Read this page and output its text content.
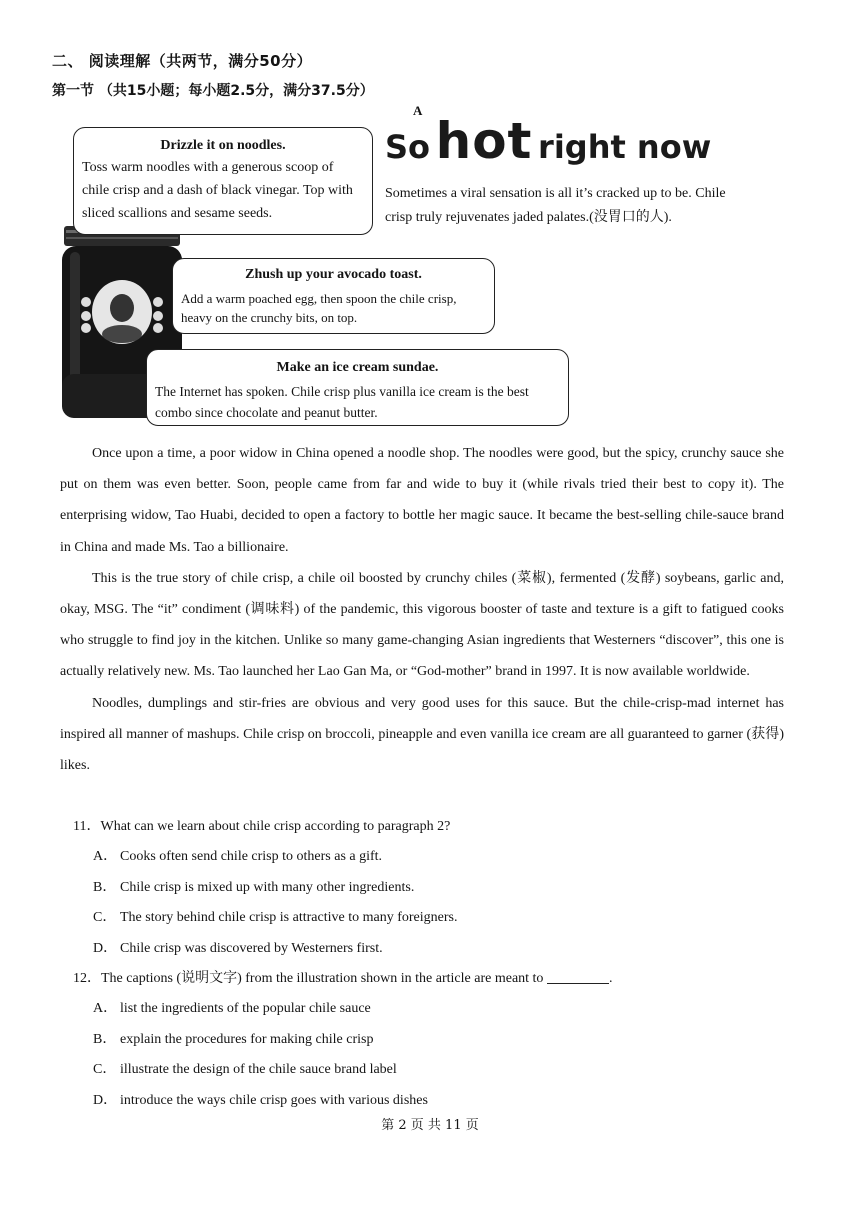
二、 阅读理解（共两节，满分50分）
第一节 （共15小题；每小题2.5分，满分37.5分）
A
Drizzle it on noodles.
Toss warm noodles with a generous scoop of chile crisp and a dash of black vinegar. Top with sliced scallions and sesame seeds.
Zhush up your avocado toast.
Add a warm poached egg, then spoon the chile crisp, heavy on the crunchy bits, on top.
Make an ice cream sundae.
The Internet has spoken. Chile crisp plus vanilla ice cream is the best combo since chocolate and peanut butter.
So hot right now
Sometimes a viral sensation is all it’s cracked up to be. Chile crisp truly rejuvenates jaded palates.(没胃口的人).

Once upon a time, a poor widow in China opened a noodle shop. The noodles were good, but the spicy, crunchy sauce she put on them was even better. Soon, people came from far and wide to buy it (while rivals tried their best to copy it). The enterprising widow, Tao Huabi, decided to open a factory to bottle her magic sauce. It became the best-selling chile-sauce brand in China and made Ms. Tao a billionaire.

This is the true story of chile crisp, a chile oil boosted by crunchy chiles (菜椒), fermented (发酵) soybeans, garlic and, okay, MSG. The “it” condiment (调味料) of the pandemic, this vigorous booster of taste and texture is a gift to fatigued cooks who struggle to find joy in the kitchen. Unlike so many game-changing Asian ingredients that Westerners “discover”, this one is actually relatively new. Ms. Tao launched her Lao Gan Ma, or “God-mother” brand in 1997. It is now available worldwide.

Noodles, dumplings and stir-fries are obvious and very good uses for this sauce. But the chile-crisp-mad internet has inspired all manner of mashups. Chile crisp on broccoli, pineapple and even vanilla ice cream are all guaranteed to garner (获得) likes.

11．What can we learn about chile crisp according to paragraph 2?
A． Cooks often send chile crisp to others as a gift.
B． Chile crisp is mixed up with many other ingredients.
C． The story behind chile crisp is attractive to many foreigners.
D． Chile crisp was discovered by Westerners first.
12．The captions (说明文字) from the illustration shown in the article are meant to	.
A． list the ingredients of the popular chile sauce
B． explain the procedures for making chile crisp
C． illustrate the design of the chile sauce brand label
D． introduce the ways chile crisp goes with various dishes
第 2 页 共 11 页
